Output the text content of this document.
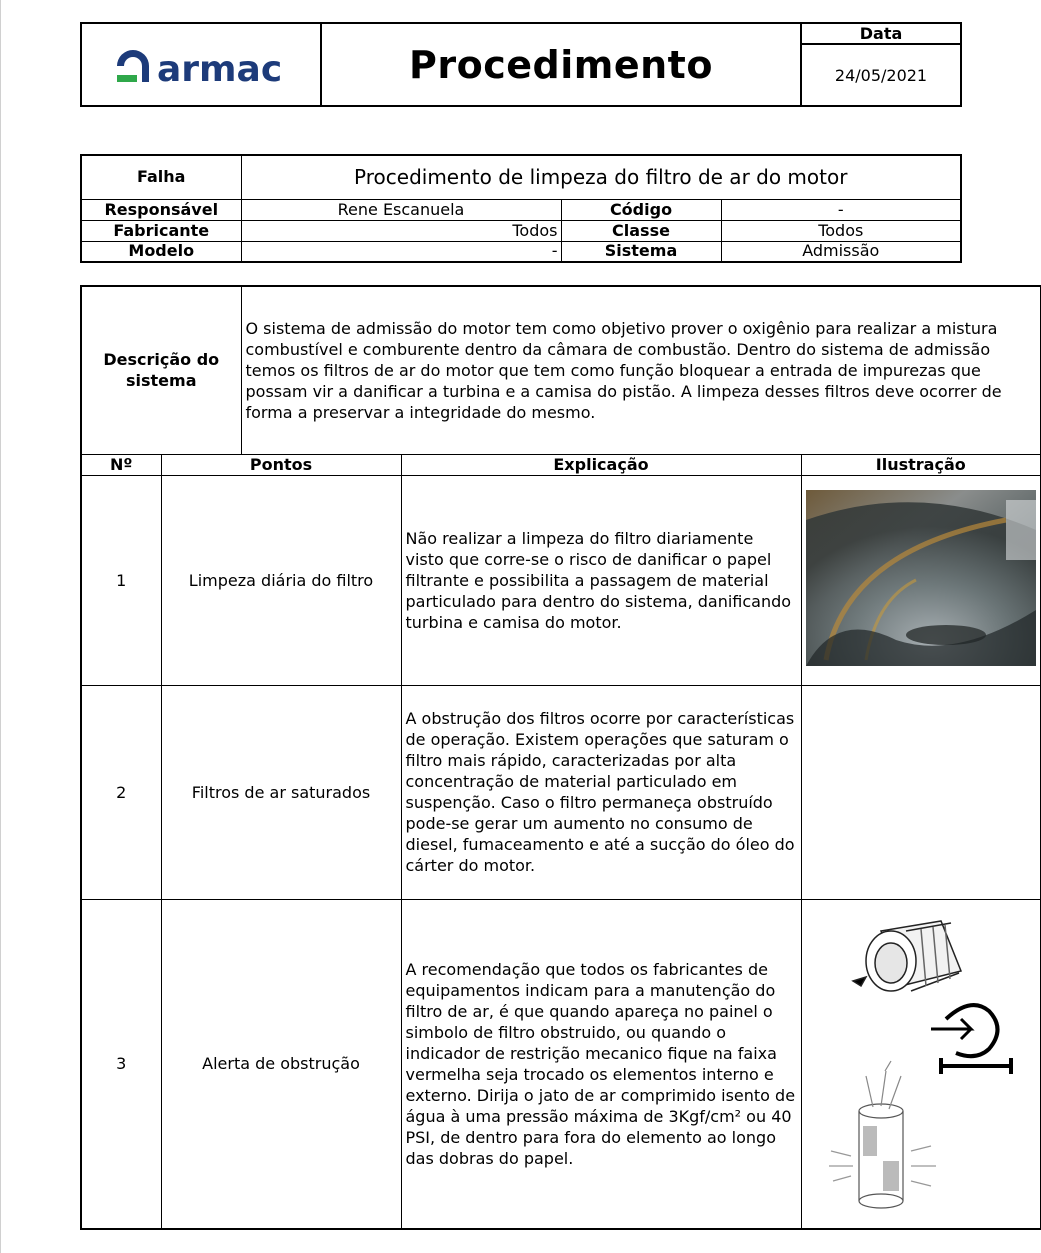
armac	Procedimento	Data
24/05/2021
Falha	Procedimento de limpeza do filtro de ar do motor		
Responsável	Rene Escanuela	Código	-
Fabricante	Todos	Classe	Todos
Modelo	-	Sistema	Admissão
Descrição do sistema		O sistema de admissão do motor tem como objetivo prover o oxigênio para realizar a mistura combustível e comburente dentro da câmara de combustão. Dentro do sistema de admissão temos os filtros de ar do motor que tem como função bloquear a entrada de impurezas que possam vir a danificar a turbina e a camisa do pistão. A limpeza desses filtros deve ocorrer de forma a preservar a integridade do mesmo.		
Nº	Pontos		Explicação	Ilustração
1	Limpeza diária do filtro		Não realizar a limpeza do filtro diariamente visto que corre-se o risco de danificar o papel filtrante e possibilita a passagem de material particulado para dentro do sistema, danificando turbina e camisa do motor.	
2	Filtros de ar saturados		A obstrução dos filtros ocorre por características de operação. Existem operações que saturam o filtro mais rápido, caracterizadas por alta concentração de material particulado em suspenção. Caso o filtro permaneça obstruído pode-se gerar um aumento no consumo de diesel, fumaceamento e até a sucção do óleo do cárter do motor.	
3	Alerta de obstrução		A recomendação que todos os fabricantes de equipamentos indicam para a manutenção do filtro de ar, é que quando apareça no painel o simbolo de filtro obstruido, ou quando o indicador de restrição mecanico fique na faixa vermelha seja trocado os elementos interno e externo. Dirija o jato de ar comprimido isento de água à uma pressão máxima de 3Kgf/cm² ou 40 PSI, de dentro para fora do elemento ao longo das dobras do papel.	
